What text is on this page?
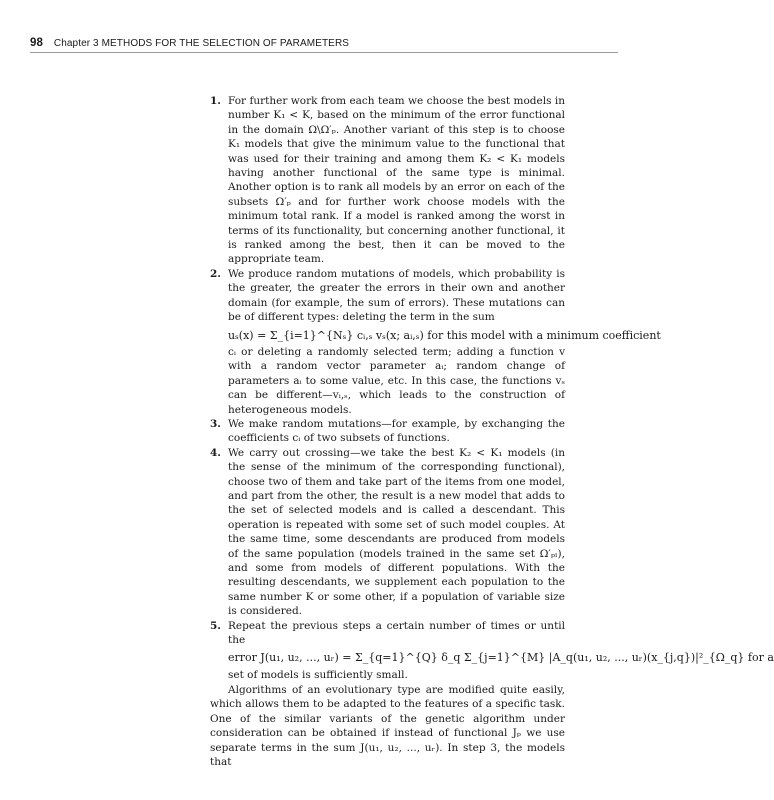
98 Chapter 3 METHODS FOR THE SELECTION OF PARAMETERS
1. For further work from each team we choose the best models in number K₁ < K, based on the minimum of the error functional in the domain Ω\Ω′ₚ. Another variant of this step is to choose K₁ models that give the minimum value to the functional that was used for their training and among them K₂ < K₁ models having another functional of the same type is minimal. Another option is to rank all models by an error on each of the subsets Ω′ₚ and for further work choose models with the minimum total rank. If a model is ranked among the worst in terms of its functionality, but concerning another functional, it is ranked among the best, then it can be moved to the appropriate team.
2. We produce random mutations of models, which probability is the greater, the greater the errors in their own and another domain (for example, the sum of errors). These mutations can be of different types: deleting the term in the sum
uₛ(x) = Σ_{i=1}^{Nₛ} cᵢ,ₛ vₛ(x; aᵢ,ₛ) for this model with a minimum coefficient
cᵢ or deleting a randomly selected term; adding a function v with a random vector parameter aᵢ; random change of parameters aᵢ to some value, etc. In this case, the functions vₛ can be different—vᵢ,ₛ, which leads to the construction of heterogeneous models.
3. We make random mutations—for example, by exchanging the coefficients cᵢ of two subsets of functions.
4. We carry out crossing—we take the best K₂ < K₁ models (in the sense of the minimum of the corresponding functional), choose two of them and take part of the items from one model, and part from the other, the result is a new model that adds to the set of selected models and is called a descendant. This operation is repeated with some set of such model couples. At the same time, some descendants are produced from models of the same population (models trained in the same set Ω′ₚₗ), and some from models of different populations. With the resulting descendants, we supplement each population to the same number K or some other, if a population of variable size is considered.
5. Repeat the previous steps a certain number of times or until the
error J(u₁, u₂, ..., uᵣ) = Σ_{q=1}^{Q} δ_q Σ_{j=1}^{M} |A_q(u₁, u₂, ..., uᵣ)(x_{j,q})|²_{Ω_q} for a
set of models is sufficiently small.
Algorithms of an evolutionary type are modified quite easily, which allows them to be adapted to the features of a specific task. One of the similar variants of the genetic algorithm under consideration can be obtained if instead of functional Jₚ we use separate terms in the sum J(u₁, u₂, ..., uᵣ). In step 3, the models that
